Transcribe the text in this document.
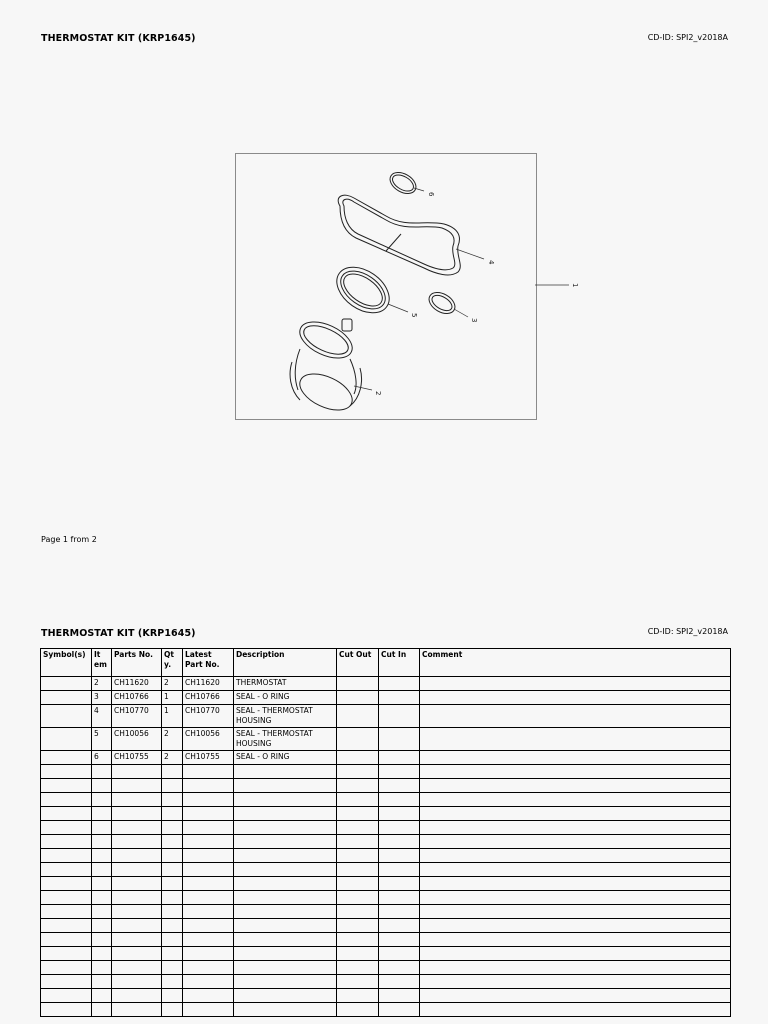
THERMOSTAT KIT (KRP1645)	CD-ID: SPI2_v2018A
6
4
5
3
2
1
Page 1 from 2
THERMOSTAT KIT (KRP1645)	CD-ID: SPI2_v2018A
Symbol(s)	It em	Parts No.	Qt y.	Latest Part No.	Description	Cut Out	Cut In	Comment
	2	CH11620	2	CH11620	THERMOSTAT			
	3	CH10766	1	CH10766	SEAL - O RING			
	4	CH10770	1	CH10770	SEAL - THERMOSTAT HOUSING			
	5	CH10056	2	CH10056	SEAL - THERMOSTAT HOUSING			
	6	CH10755	2	CH10755	SEAL - O RING			
